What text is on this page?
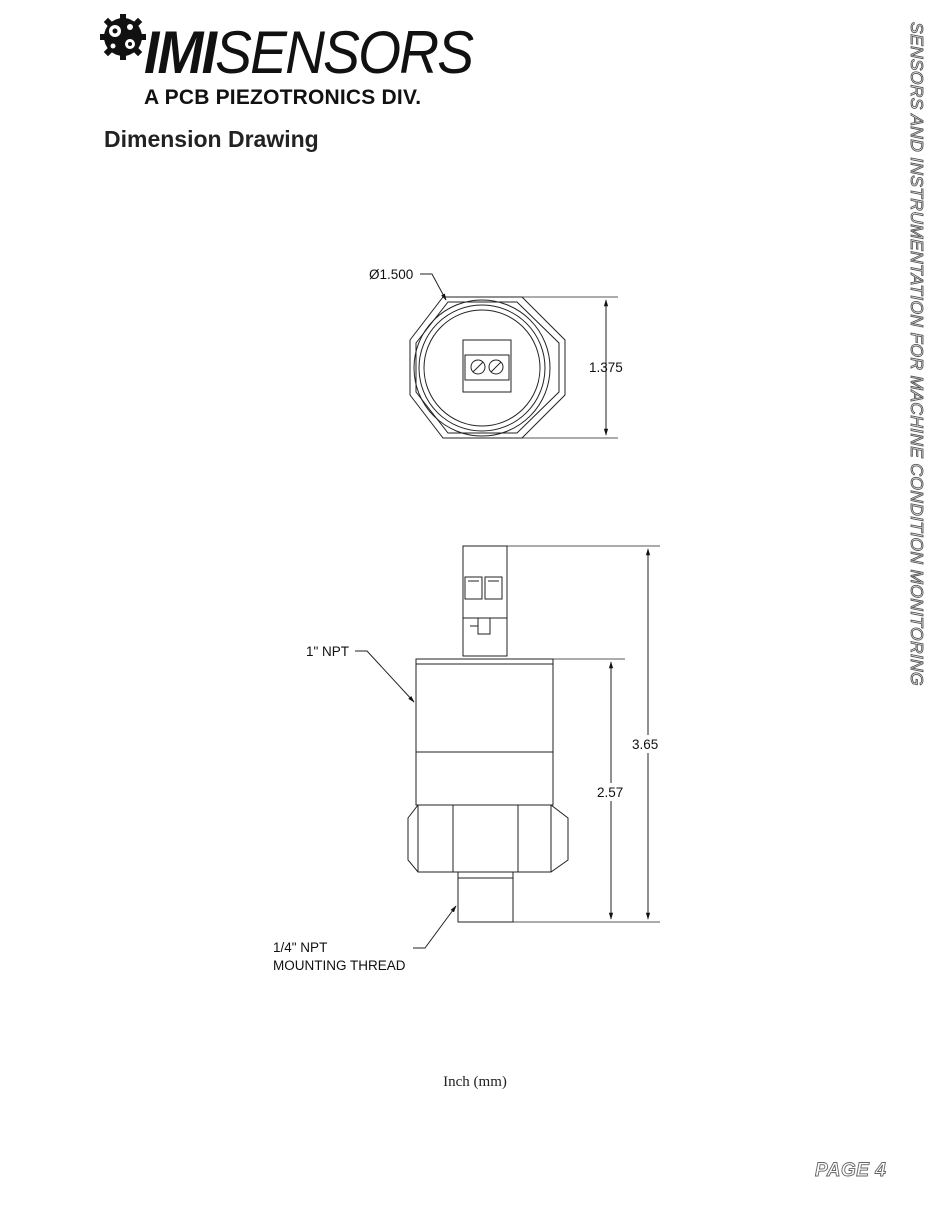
IMISENSORS
A PCB PIEZOTRONICS DIV.
Dimension Drawing
Ø1.500
1.375
1" NPT
3.65
2.57
1/4" NPT
MOUNTING THREAD
SENSORS AND INSTRUMENTATION FOR MACHINE CONDITION MONITORING
Inch (mm)
PAGE 4
